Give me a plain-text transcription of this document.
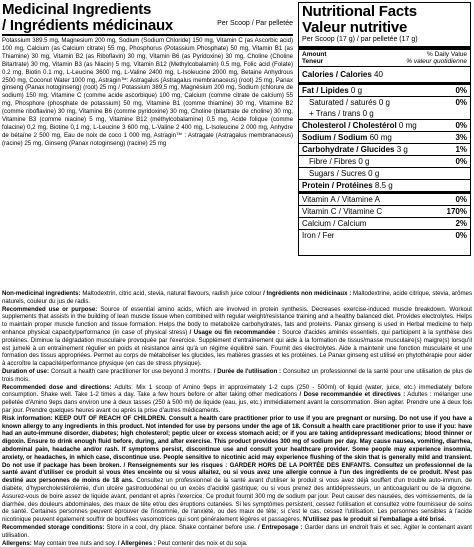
Medicinal Ingredients
/ Ingrédients médicinaux	Per Scoop / Par pelletée
Potassium 389.5 mg, Magnesium 200 mg, Sodium (Sodium Chloride) 150 mg, Vitamin C (as Ascorbic acid) 100 mg, Calcium (as Calcium citrate) 55 mg, Phosphorus (Potassium Phosphate) 50 mg, Vitamin B1 (as Thiamine) 30 mg, Vitamin B2 (as Riboflavin) 30 mg, Vitamin B6 (as Pyridoxine) 30 mg, Choline (Choline Bitartrate) 30 mg, Vitamin B3 (as Niacin) 5 mg, Vitamin B12 (Methylcobalamin) 0.5 mg, Folic acid (Folate) 0.2 mg, Biotin 0.1 mg, L-Leucine 3600 mg, L-Valine 2400 mg, L-Isoleucine 2000 mg, Betaine Anhydrous 2500 mg, Coconut Water 1000 mg, Astragin™: Astragalus (Astragalus membranaceus) (root) 25 mg, Panax ginseng (Panax notoginseng) (root) 25 mg / Potassium 389,5 mg, Magnésium 200 mg, Sodium (chlorure de sodium) 150 mg, Vitamine C (comme acide ascorbique) 100 mg, Calcium (comme citrate de calcium) 55 mg, Phosphore (phosphate de potassium) 50 mg, Vitamine B1 (comme thiamine) 30 mg, Vitamine B2 (comme riboflavine) 30 mg, Vitamine B6 (comme pyridoxine) 30 mg, Choline (bitartrate de choline) 30 mg, Vitamine B3 (comme niacine) 5 mg, Vitamine B12 (méthylcobalamine) 0,5 mg, Acide folique (comme folacine) 0,2 mg, Biotine 0,1 mg, L-Leucine 3 600 mg, L-Valine 2 400 mg, L-Isoleucine 2 000 mg, Anhydre de bétaïne 2 500 mg, Eau de noix de coco 1 000 mg, Astragin™ : Astragale (Astragalus membranaceus) (racine) 25 mg, Ginseng (Panax notoginseng) (racine) 25 mg
Nutritional Facts
Valeur nutritive
Per Scoop (17 g) / par pelletée (17 g)
Amount
Teneur
% Daily Value
% valeur quotidienne
Calories / Calories 40
Fat / Lipides 0 g	0%
Saturated / saturés 0 g	0%
+ Trans / trans 0 g
Cholesterol / Cholestérol 0 mg	0%
Sodium / Sodium 60 mg	3%
Carbohydrate / Glucides 3 g	1%
Fibre / Fibres 0 g	0%
Sugars / Sucres 0 g
Protein / Protéines 8.5 g
Vitamin A / Vitamine A	0%
Vitamin C / Vitamine C	170%
Calcium / Calcium	2%
Iron / Fer	0%

Non-medicinal ingredients: Maltodextrin, citric acid, stevia, natural flavours, radish juice colour / Ingrédients non médicinaux : Maltodextrine, acide citrique, stevia, arômes naturels, couleur du jus de radis.

Recommended use or purpose: Source of essential amino acids, which are involved in protein synthesis. Decreases exercise-induced muscle breakdown. Workout supplements that assists in the building of lean muscle tissue when combined with regular weight/resistance training and a healthy balanced diet. Provides electrolytes. Helps to maintain proper muscle function and tissue formation. Helps the body to metabolize carbohydrates, fats and proteins. Panax ginseng is used in Herbal medicine to help enhance physical capacity/performance (in case of physical stress) / Usage ou fin recommandée : Source d'acides aminés essentiels, qui participent à la synthèse des protéines. Diminue la dégradation musculaire provoquée par l'exercice. Supplément d'entraînement qui aide à la formation de tissus/masse musculaire(s) maigre(s) lorsqu'il est jumelé à un entraînement régulier en poids et résistance ainsi qu'à un régime équilibré sain. Fournit des électrolytes. Aide à maintenir une fonction musculaire et une formation des tissus appropriées. Permet au corps de métaboliser les glucides, les matières grasses et les protéines. Le Panax ginseng est utilisé en phytothérapie pour aider à accroître la capacité/performance physique (en cas de stress physique).

Duration of use: Consult a health care practitioner for use beyond 3 months. / Durée de l'utilisation : Consultez un professionnel de la santé pour une utilisation de plus de trois mois.

Recommended dose and directions: Adults: Mix 1 scoop of Amino 9eps in approximately 1-2 cups (250 - 500ml) of liquid (water, juice, etc.) immediately before consumption. Shake well. Take 1-2 times a day. Take a few hours before or after taking other medications / Dose recommandée et directives : Adultes : mélanger une pelletée d'Amino 9eps dans environ une à deux tasses (250 à 500 ml) de liquide (eau, jus, etc.) immédiatement avant la consommation. Bien agiter. Prendre une à deux fois par jour. Prendre quelques heures avant ou après la prise d'autres médicaments.

Risk information: KEEP OUT OF REACH OF CHILDREN. Consult a health care practitioner prior to use if you are pregnant or nursing. Do not use if you have a known allergy to any ingredients in this product. Not intended for use by persons under the age of 18. Consult a health care practitioner prior to use if you: have had an auto-immune disorder, diabetes; high cholesterol; peptic ulcer or excess stomach acid; or if you are taking antidepressant medications; blood thinner or digoxin. Ensure to drink enough fluid before, during, and after exercise. This product provides 300 mg of sodium per day. May cause nausea, vomiting, diarrhea, abdominal pain, headache and/or rash. If symptoms persist, discontinue use and consult your healthcare provider. Some people may experience insomnia, anxiety, or headaches, in which case, discontinue use. People sensitive to nicotinic acid may experience flushing of the skin that is generally mild and transient. Do not use if package has been broken. / Renseignements sur les risques : GARDER HORS DE LA PORTÉE DES ENFANTS. Consultez un professionnel de la santé avant d'utiliser ce produit si vous êtes enceinte ou si vous allaitez, ou si vous avez une allergie connue à l'un des ingrédients de ce produit. N'est pas destiné aux personnes de moins de 18 ans. Consultez un professionnel de la santé avant d'utiliser le produit si vous avez déjà souffert d'un trouble auto-immun, de diabète, d'hypercholestérolémie, d'un ulcère gastroduodénal ou un excès d'acidité gastrique; ou si vous prenez des antidépresseurs, un anticoagulant ou de la digoxine. Assurez-vous de boire assez de liquide avant, pendant et après l'exercice. Ce produit fournit 300 mg de sodium par jour. Peut causer des nausées, des vomissements, de la diarrhée, des douleurs abdominales, des maux de tête et/ou des éruptions cutanées. Si les symptômes persistent, cessez l'utilisation et consultez votre fournisseur de soins de santé. Certaines personnes peuvent éprouver de l'insomnie, de l'anxiété, ou des maux de tête; si c'est le cas, cessez l'utilisation. Les personnes sensibles à l'acide nicotinique peuvent également souffrir de bouffées vasomotrices qui sont généralement légères et passagères. N'utilisez pas le produit si l'emballage a été brisé.

Recommended storage conditions: Store in a cool, dry place. Shake container before use. / Entreposage : Garder dans un endroit frais et sec. Agiter le contenant avant utilisation.

Allergens: May contain tree nuts and soy. / Allergènes : Peut contenir des noix et du soja.
